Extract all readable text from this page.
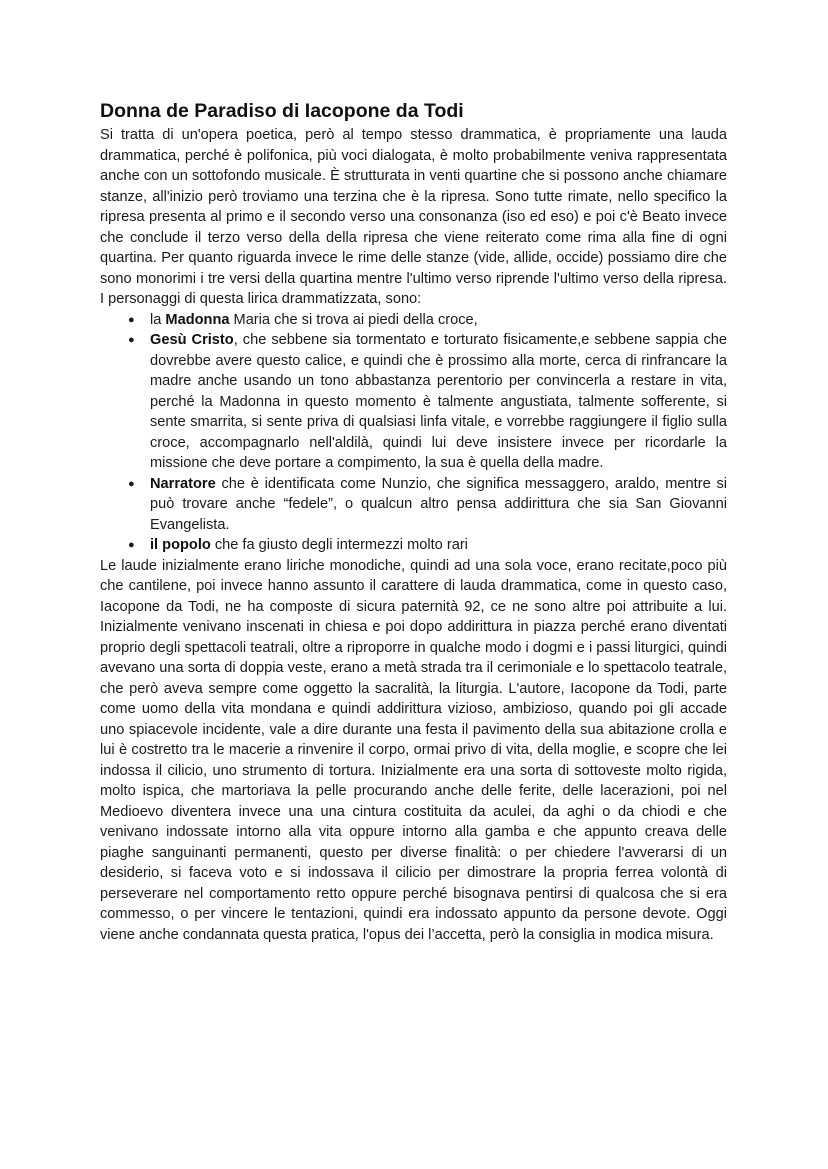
Donna de Paradiso di Iacopone da Todi

Si tratta di un'opera poetica, però al tempo stesso drammatica, è propriamente una lauda drammatica, perché è polifonica, più voci dialogata, è molto probabilmente veniva rappresentata anche con un sottofondo musicale. È strutturata in venti quartine che si possono anche chiamare stanze, all'inizio però troviamo una terzina che è la ripresa. Sono tutte rimate, nello specifico la ripresa presenta al primo e il secondo verso una consonanza (iso ed eso) e poi c'è Beato invece che conclude il terzo verso della della ripresa che viene reiterato come rima alla fine di ogni quartina. Per quanto riguarda invece le rime delle stanze (vide, allide, occide) possiamo dire che sono monorimi i tre versi della quartina mentre l'ultimo verso riprende l'ultimo verso della ripresa. I personaggi di questa lirica drammatizzata, sono:

● la Madonna Maria che si trova ai piedi della croce,
● Gesù Cristo, che sebbene sia tormentato e torturato fisicamente,e sebbene sappia che dovrebbe avere questo calice, e quindi che è prossimo alla morte, cerca di rinfrancare la madre anche usando un tono abbastanza perentorio per convincerla a restare in vita, perché la Madonna in questo momento è talmente angustiata, talmente sofferente, si sente smarrita, si sente priva di qualsiasi linfa vitale, e vorrebbe raggiungere il figlio sulla croce, accompagnarlo nell'aldilà, quindi lui deve insistere invece per ricordarle la missione che deve portare a compimento, la sua è quella della madre.
● Narratore che è identificata come Nunzio, che significa messaggero, araldo, mentre si può trovare anche “fedele”, o qualcun altro pensa addirittura che sia San Giovanni Evangelista.
● il popolo che fa giusto degli intermezzi molto rari

Le laude inizialmente erano liriche monodiche, quindi ad una sola voce, erano recitate,poco più che cantilene, poi invece hanno assunto il carattere di lauda drammatica, come in questo caso, Iacopone da Todi, ne ha composte di sicura paternità 92, ce ne sono altre poi attribuite a lui. Inizialmente venivano inscenati in chiesa e poi dopo addirittura in piazza perché erano diventati proprio degli spettacoli teatrali, oltre a riproporre in qualche modo i dogmi e i passi liturgici, quindi avevano una sorta di doppia veste, erano a metà strada tra il cerimoniale e lo spettacolo teatrale, che però aveva sempre come oggetto la sacralità, la liturgia. L'autore, Iacopone da Todi, parte come uomo della vita mondana e quindi addirittura vizioso, ambizioso, quando poi gli accade uno spiacevole incidente, vale a dire durante una festa il pavimento della sua abitazione crolla e lui è costretto tra le macerie a rinvenire il corpo, ormai privo di vita, della moglie, e scopre che lei indossa il cilicio, uno strumento di tortura. Inizialmente era una sorta di sottoveste molto rigida, molto ispica, che martoriava la pelle procurando anche delle ferite, delle lacerazioni, poi nel Medioevo diventera invece una una cintura costituita da aculei, da aghi o da chiodi e che venivano indossate intorno alla vita oppure intorno alla gamba e che appunto creava delle piaghe sanguinanti permanenti, questo per diverse finalità: o per chiedere l'avverarsi di un desiderio, si faceva voto e si indossava il cilicio per dimostrare la propria ferrea volontà di perseverare nel comportamento retto oppure perché bisognava pentirsi di qualcosa che si era commesso, o per vincere le tentazioni, quindi era indossato appunto da persone devote. Oggi viene anche condannata questa pratica, l'opus dei l’accetta, però la consiglia in modica misura.
